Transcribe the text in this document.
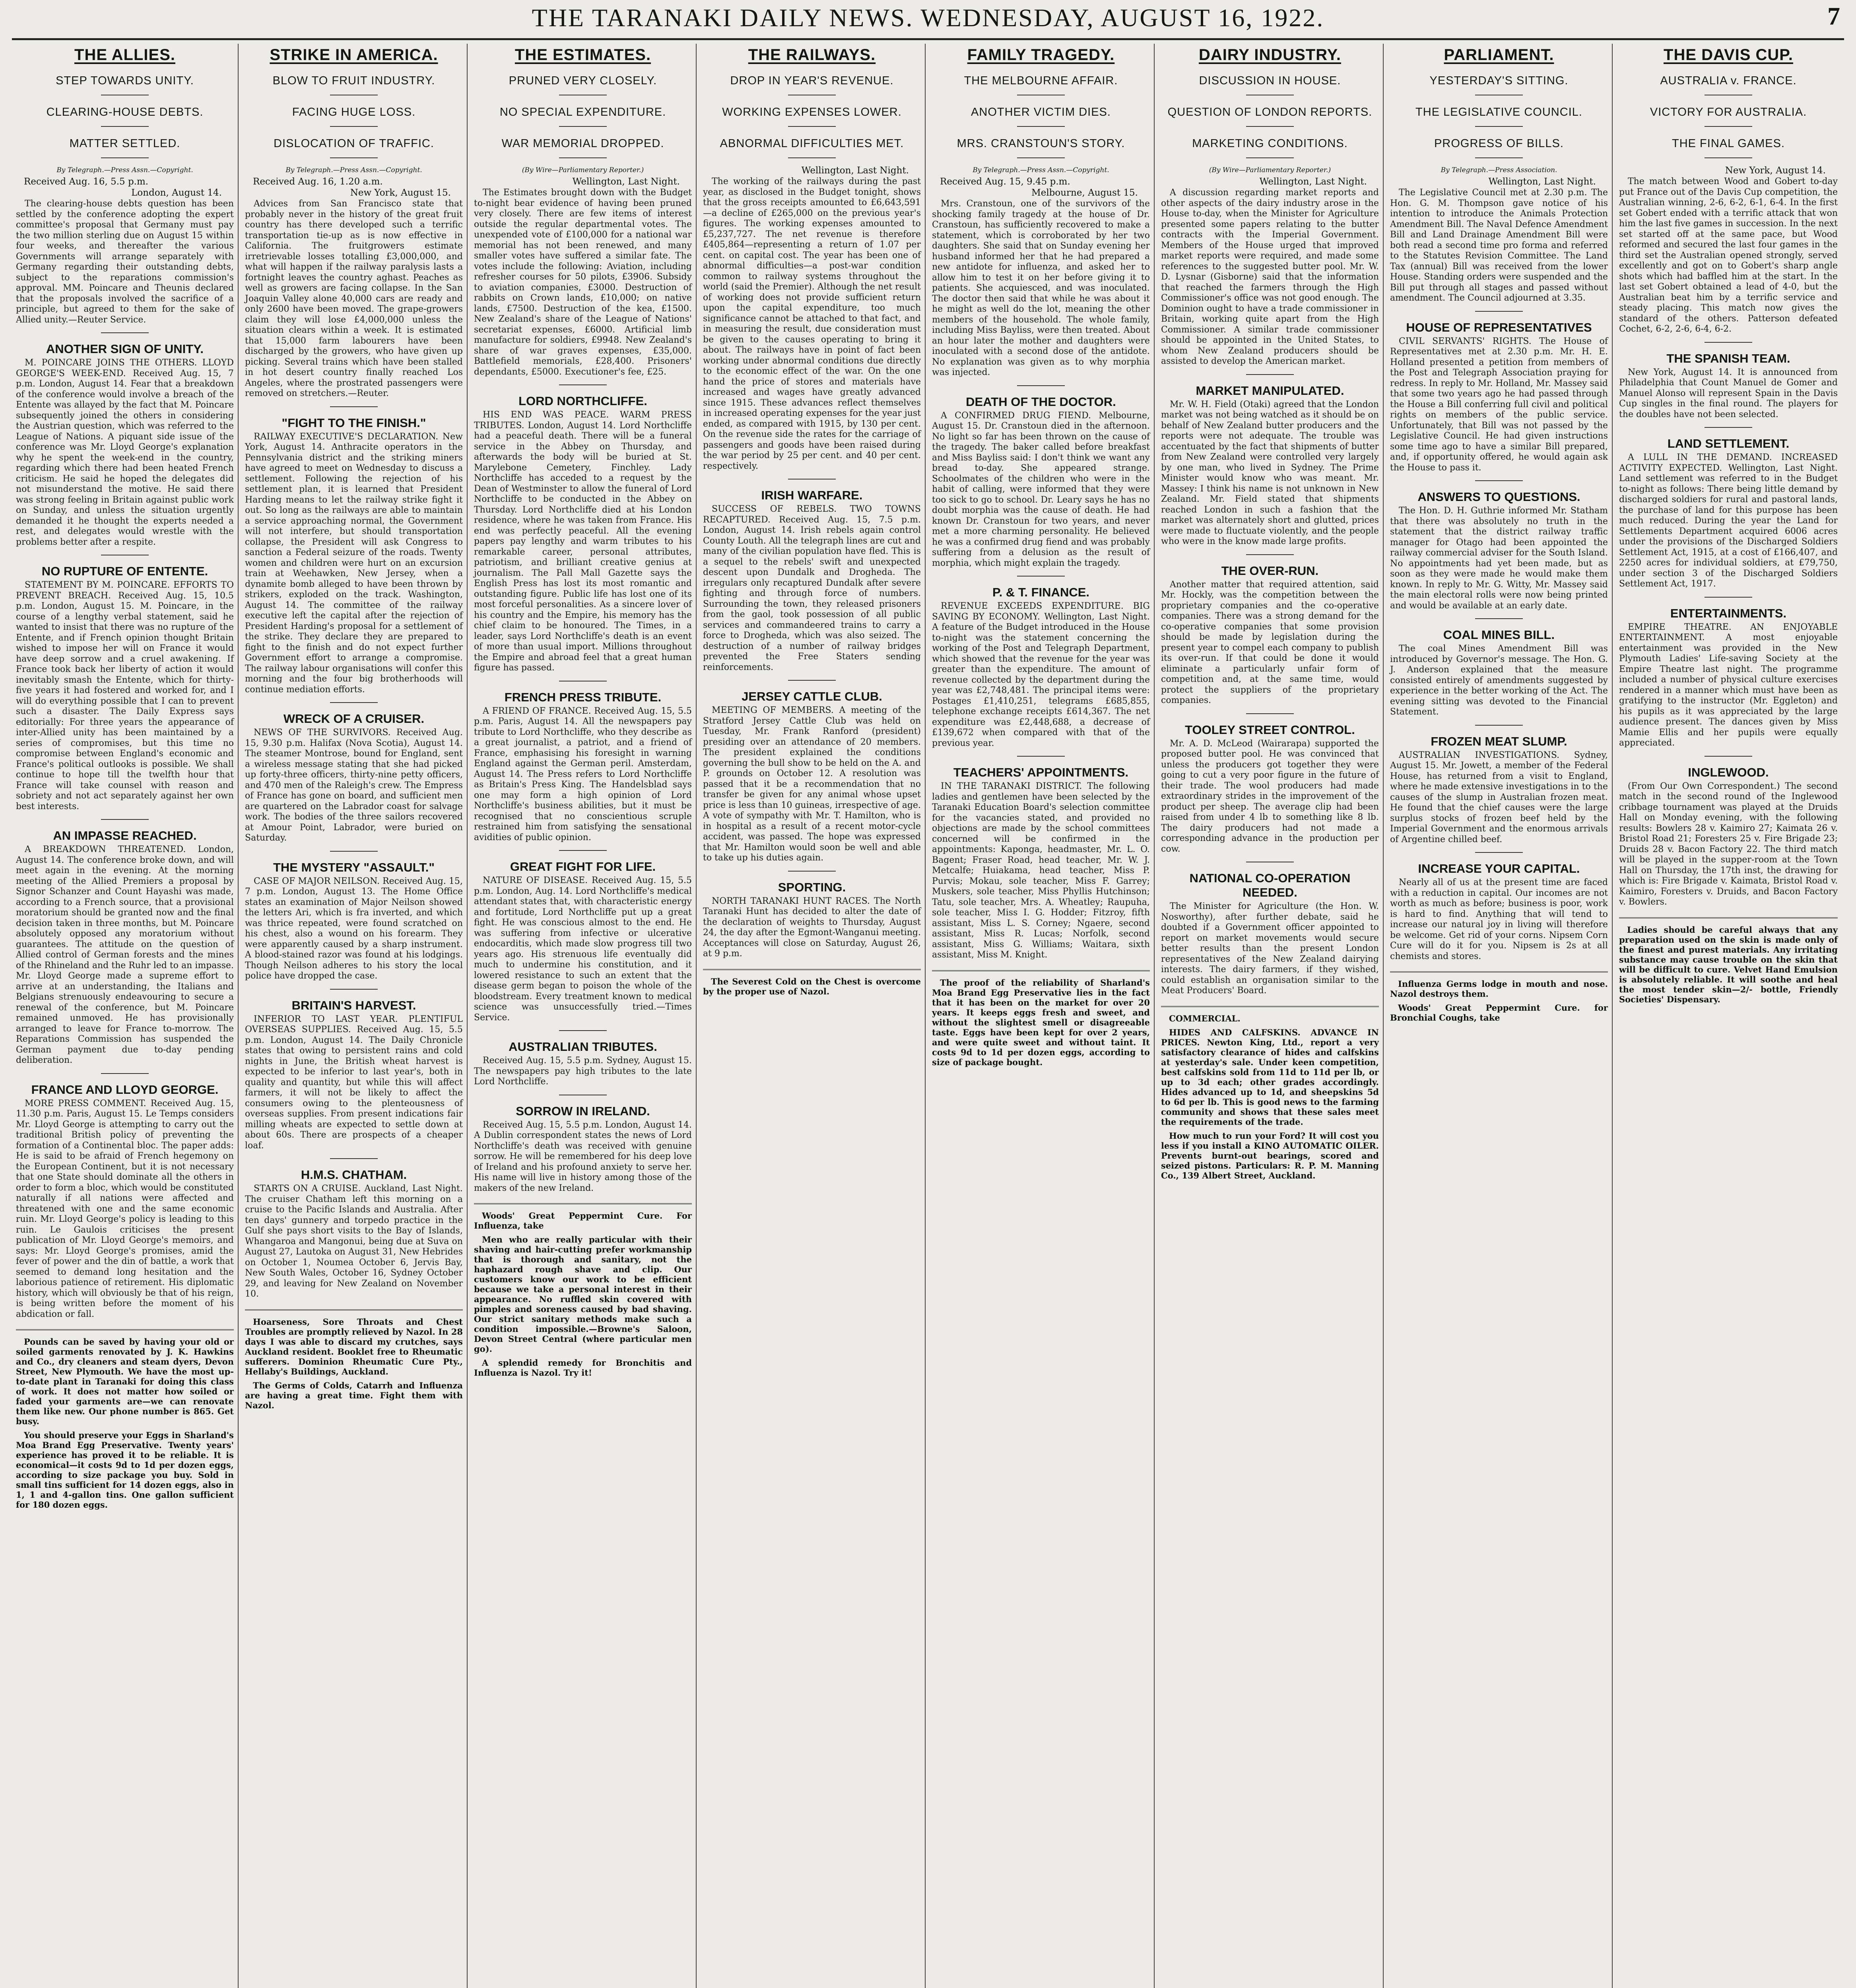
THE TARANAKI DAILY NEWS. WEDNESDAY, AUGUST 16, 1922.	7
THE ALLIES.
STEP TOWARDS UNITY.
CLEARING-HOUSE DEBTS.
MATTER SETTLED.
By Telegraph.—Press Assn.—Copyright.
Received Aug. 16, 5.5 p.m.
London, August 14.

The clearing-house debts question has been settled by the conference adopting the expert committee's proposal that Germany must pay the two million sterling due on August 15 within four weeks, and thereafter the various Governments will arrange separately with Germany regarding their outstanding debts, subject to the reparations commission's approval. MM. Poincare and Theunis declared that the proposals involved the sacrifice of a principle, but agreed to them for the sake of Allied unity.—Reuter Service.

ANOTHER SIGN OF UNITY.

M. POINCARE JOINS THE OTHERS. LLOYD GEORGE'S WEEK-END. Received Aug. 15, 7 p.m. London, August 14. Fear that a breakdown of the conference would involve a breach of the Entente was allayed by the fact that M. Poincare subsequently joined the others in considering the Austrian question, which was referred to the League of Nations. A piquant side issue of the conference was Mr. Lloyd George's explanation why he spent the week-end in the country, regarding which there had been heated French criticism. He said he hoped the delegates did not misunderstand the motive. He said there was strong feeling in Britain against public work on Sunday, and unless the situation urgently demanded it he thought the experts needed a rest, and delegates would wrestle with the problems better after a respite.

NO RUPTURE OF ENTENTE.

STATEMENT BY M. POINCARE. EFFORTS TO PREVENT BREACH. Received Aug. 15, 10.5 p.m. London, August 15. M. Poincare, in the course of a lengthy verbal statement, said he wanted to insist that there was no rupture of the Entente, and if French opinion thought Britain wished to impose her will on France it would have deep sorrow and a cruel awakening. If France took back her liberty of action it would inevitably smash the Entente, which for thirty-five years it had fostered and worked for, and I will do everything possible that I can to prevent such a disaster. The Daily Express says editorially: For three years the appearance of inter-Allied unity has been maintained by a series of compromises, but this time no compromise between England's economic and France's political outlooks is possible. We shall continue to hope till the twelfth hour that France will take counsel with reason and sobriety and not act separately against her own best interests.

AN IMPASSE REACHED.

A BREAKDOWN THREATENED. London, August 14. The conference broke down, and will meet again in the evening. At the morning meeting of the Allied Premiers a proposal by Signor Schanzer and Count Hayashi was made, according to a French source, that a provisional moratorium should be granted now and the final decision taken in three months, but M. Poincare absolutely opposed any moratorium without guarantees. The attitude on the question of Allied control of German forests and the mines of the Rhineland and the Ruhr led to an impasse. Mr. Lloyd George made a supreme effort to arrive at an understanding, the Italians and Belgians strenuously endeavouring to secure a renewal of the conference, but M. Poincare remained unmoved. He has provisionally arranged to leave for France to-morrow. The Reparations Commission has suspended the German payment due to-day pending deliberation.

FRANCE AND LLOYD GEORGE.

MORE PRESS COMMENT. Received Aug. 15, 11.30 p.m. Paris, August 15. Le Temps considers Mr. Lloyd George is attempting to carry out the traditional British policy of preventing the formation of a Continental bloc. The paper adds: He is said to be afraid of French hegemony on the European Continent, but it is not necessary that one State should dominate all the others in order to form a bloc, which would be constituted naturally if all nations were affected and threatened with one and the same economic ruin. Mr. Lloyd George's policy is leading to this ruin. Le Gaulois criticises the present publication of Mr. Lloyd George's memoirs, and says: Mr. Lloyd George's promises, amid the fever of power and the din of battle, a work that seemed to demand long hesitation and the laborious patience of retirement. His diplomatic history, which will obviously be that of his reign, is being written before the moment of his abdication or fall.

Pounds can be saved by having your old or soiled garments renovated by J. K. Hawkins and Co., dry cleaners and steam dyers, Devon Street, New Plymouth. We have the most up-to-date plant in Taranaki for doing this class of work. It does not matter how soiled or faded your garments are—we can renovate them like new. Our phone number is 865. Get busy.

You should preserve your Eggs in Sharland's Moa Brand Egg Preservative. Twenty years' experience has proved it to be reliable. It is economical—it costs 9d to 1d per dozen eggs, according to size package you buy. Sold in small tins sufficient for 14 dozen eggs, also in 1, 1 and 4-gallon tins. One gallon sufficient for 180 dozen eggs.

STRIKE IN AMERICA.
BLOW TO FRUIT INDUSTRY.
FACING HUGE LOSS.
DISLOCATION OF TRAFFIC.
By Telegraph.—Press Assn.—Copyright.
Received Aug. 16, 1.20 a.m.
New York, August 15.

Advices from San Francisco state that probably never in the history of the great fruit country has there developed such a terrific transportation tie-up as is now effective in California. The fruitgrowers estimate irretrievable losses totalling £3,000,000, and what will happen if the railway paralysis lasts a fortnight leaves the country aghast. Peaches as well as growers are facing collapse. In the San Joaquin Valley alone 40,000 cars are ready and only 2600 have been moved. The grape-growers claim they will lose £4,000,000 unless the situation clears within a week. It is estimated that 15,000 farm labourers have been discharged by the growers, who have given up picking. Several trains which have been stalled in hot desert country finally reached Los Angeles, where the prostrated passengers were removed on stretchers.—Reuter.

"FIGHT TO THE FINISH."

RAILWAY EXECUTIVE'S DECLARATION. New York, August 14. Anthracite operators in the Pennsylvania district and the striking miners have agreed to meet on Wednesday to discuss a settlement. Following the rejection of his settlement plan, it is learned that President Harding means to let the railway strike fight it out. So long as the railways are able to maintain a service approaching normal, the Government will not interfere, but should transportation collapse, the President will ask Congress to sanction a Federal seizure of the roads. Twenty women and children were hurt on an excursion train at Weehawken, New Jersey, when a dynamite bomb alleged to have been thrown by strikers, exploded on the track. Washington, August 14. The committee of the railway executive left the capital after the rejection of President Harding's proposal for a settlement of the strike. They declare they are prepared to fight to the finish and do not expect further Government effort to arrange a compromise. The railway labour organisations will confer this morning and the four big brotherhoods will continue mediation efforts.

WRECK OF A CRUISER.

NEWS OF THE SURVIVORS. Received Aug. 15, 9.30 p.m. Halifax (Nova Scotia), August 14. The steamer Montrose, bound for England, sent a wireless message stating that she had picked up forty-three officers, thirty-nine petty officers, and 470 men of the Raleigh's crew. The Empress of France has gone on board, and sufficient men are quartered on the Labrador coast for salvage work. The bodies of the three sailors recovered at Amour Point, Labrador, were buried on Saturday.

THE MYSTERY "ASSAULT."

CASE OF MAJOR NEILSON. Received Aug. 15, 7 p.m. London, August 13. The Home Office states an examination of Major Neilson showed the letters Ari, which is fra inverted, and which was thrice repeated, were found scratched on his chest, also a wound on his forearm. They were apparently caused by a sharp instrument. A blood-stained razor was found at his lodgings. Though Neilson adheres to his story the local police have dropped the case.

BRITAIN'S HARVEST.

INFERIOR TO LAST YEAR. PLENTIFUL OVERSEAS SUPPLIES. Received Aug. 15, 5.5 p.m. London, August 14. The Daily Chronicle states that owing to persistent rains and cold nights in June, the British wheat harvest is expected to be inferior to last year's, both in quality and quantity, but while this will affect farmers, it will not be likely to affect the consumers owing to the plenteousness of overseas supplies. From present indications fair milling wheats are expected to settle down at about 60s. There are prospects of a cheaper loaf.

H.M.S. CHATHAM.

STARTS ON A CRUISE. Auckland, Last Night. The cruiser Chatham left this morning on a cruise to the Pacific Islands and Australia. After ten days' gunnery and torpedo practice in the Gulf she pays short visits to the Bay of Islands, Whangaroa and Mangonui, being due at Suva on August 27, Lautoka on August 31, New Hebrides on October 1, Noumea October 6, Jervis Bay, New South Wales, October 16, Sydney October 29, and leaving for New Zealand on November 10.

Hoarseness, Sore Throats and Chest Troubles are promptly relieved by Nazol. In 28 days I was able to discard my crutches, says Auckland resident. Booklet free to Rheumatic sufferers. Dominion Rheumatic Cure Pty., Hellaby's Buildings, Auckland.

The Germs of Colds, Catarrh and Influenza are having a great time. Fight them with Nazol.

THE ESTIMATES.
PRUNED VERY CLOSELY.
NO SPECIAL EXPENDITURE.
WAR MEMORIAL DROPPED.
(By Wire—Parliamentary Reporter.)
Wellington, Last Night.

The Estimates brought down with the Budget to-night bear evidence of having been pruned very closely. There are few items of interest outside the regular departmental votes. The unexpended vote of £100,000 for a national war memorial has not been renewed, and many smaller votes have suffered a similar fate. The votes include the following: Aviation, including refresher courses for 50 pilots, £3906. Subsidy to aviation companies, £3000. Destruction of rabbits on Crown lands, £10,000; on native lands, £7500. Destruction of the kea, £1500. New Zealand's share of the League of Nations' secretariat expenses, £6000. Artificial limb manufacture for soldiers, £9948. New Zealand's share of war graves expenses, £35,000. Battlefield memorials, £28,400. Prisoners' dependants, £5000. Executioner's fee, £25.

LORD NORTHCLIFFE.

HIS END WAS PEACE. WARM PRESS TRIBUTES. London, August 14. Lord Northcliffe had a peaceful death. There will be a funeral service in the Abbey on Thursday, and afterwards the body will be buried at St. Marylebone Cemetery, Finchley. Lady Northcliffe has acceded to a request by the Dean of Westminster to allow the funeral of Lord Northcliffe to be conducted in the Abbey on Thursday. Lord Northcliffe died at his London residence, where he was taken from France. His end was perfectly peaceful. All the evening papers pay lengthy and warm tributes to his remarkable career, personal attributes, patriotism, and brilliant creative genius at journalism. The Pall Mall Gazette says the English Press has lost its most romantic and outstanding figure. Public life has lost one of its most forceful personalities. As a sincere lover of his country and the Empire, his memory has the chief claim to be honoured. The Times, in a leader, says Lord Northcliffe's death is an event of more than usual import. Millions throughout the Empire and abroad feel that a great human figure has passed.

FRENCH PRESS TRIBUTE.

A FRIEND OF FRANCE. Received Aug. 15, 5.5 p.m. Paris, August 14. All the newspapers pay tribute to Lord Northcliffe, who they describe as a great journalist, a patriot, and a friend of France, emphasising his foresight in warning England against the German peril. Amsterdam, August 14. The Press refers to Lord Northcliffe as Britain's Press King. The Handelsblad says one may form a high opinion of Lord Northcliffe's business abilities, but it must be recognised that no conscientious scruple restrained him from satisfying the sensational avidities of public opinion.

GREAT FIGHT FOR LIFE.

NATURE OF DISEASE. Received Aug. 15, 5.5 p.m. London, Aug. 14. Lord Northcliffe's medical attendant states that, with characteristic energy and fortitude, Lord Northcliffe put up a great fight. He was conscious almost to the end. He was suffering from infective or ulcerative endocarditis, which made slow progress till two years ago. His strenuous life eventually did much to undermine his constitution, and it lowered resistance to such an extent that the disease germ began to poison the whole of the bloodstream. Every treatment known to medical science was unsuccessfully tried.—Times Service.

AUSTRALIAN TRIBUTES.

Received Aug. 15, 5.5 p.m. Sydney, August 15. The newspapers pay high tributes to the late Lord Northcliffe.

SORROW IN IRELAND.

Received Aug. 15, 5.5 p.m. London, August 14. A Dublin correspondent states the news of Lord Northcliffe's death was received with genuine sorrow. He will be remembered for his deep love of Ireland and his profound anxiety to serve her. His name will live in history among those of the makers of the new Ireland.

Woods' Great Peppermint Cure. For Influenza, take

Men who are really particular with their shaving and hair-cutting prefer workmanship that is thorough and sanitary, not the haphazard rough shave and clip. Our customers know our work to be efficient because we take a personal interest in their appearance. No ruffled skin covered with pimples and soreness caused by bad shaving. Our strict sanitary methods make such a condition impossible.—Browne's Saloon, Devon Street Central (where particular men go).

A splendid remedy for Bronchitis and Influenza is Nazol. Try it!

THE RAILWAYS.
DROP IN YEAR'S REVENUE.
WORKING EXPENSES LOWER.
ABNORMAL DIFFICULTIES MET.
Wellington, Last Night.

The working of the railways during the past year, as disclosed in the Budget tonight, shows that the gross receipts amounted to £6,643,591—a decline of £265,000 on the previous year's figures. The working expenses amounted to £5,237,727. The net revenue is therefore £405,864—representing a return of 1.07 per cent. on capital cost. The year has been one of abnormal difficulties—a post-war condition common to railway systems throughout the world (said the Premier). Although the net result of working does not provide sufficient return upon the capital expenditure, too much significance cannot be attached to that fact, and in measuring the result, due consideration must be given to the causes operating to bring it about. The railways have in point of fact been working under abnormal conditions due directly to the economic effect of the war. On the one hand the price of stores and materials have increased and wages have greatly advanced since 1915. These advances reflect themselves in increased operating expenses for the year just ended, as compared with 1915, by 130 per cent. On the revenue side the rates for the carriage of passengers and goods have been raised during the war period by 25 per cent. and 40 per cent. respectively.

IRISH WARFARE.

SUCCESS OF REBELS. TWO TOWNS RECAPTURED. Received Aug. 15, 7.5 p.m. London, August 14. Irish rebels again control County Louth. All the telegraph lines are cut and many of the civilian population have fled. This is a sequel to the rebels' swift and unexpected descent upon Dundalk and Drogheda. The irregulars only recaptured Dundalk after severe fighting and through force of numbers. Surrounding the town, they released prisoners from the gaol, took possession of all public services and commandeered trains to carry a force to Drogheda, which was also seized. The destruction of a number of railway bridges prevented the Free Staters sending reinforcements.

JERSEY CATTLE CLUB.

MEETING OF MEMBERS. A meeting of the Stratford Jersey Cattle Club was held on Tuesday, Mr. Frank Ranford (president) presiding over an attendance of 20 members. The president explained the conditions governing the bull show to be held on the A. and P. grounds on October 12. A resolution was passed that it be a recommendation that no transfer be given for any animal whose upset price is less than 10 guineas, irrespective of age. A vote of sympathy with Mr. T. Hamilton, who is in hospital as a result of a recent motor-cycle accident, was passed. The hope was expressed that Mr. Hamilton would soon be well and able to take up his duties again.

SPORTING.

NORTH TARANAKI HUNT RACES. The North Taranaki Hunt has decided to alter the date of the declaration of weights to Thursday, August 24, the day after the Egmont-Wanganui meeting. Acceptances will close on Saturday, August 26, at 9 p.m.

The Severest Cold on the Chest is overcome by the proper use of Nazol.

FAMILY TRAGEDY.
THE MELBOURNE AFFAIR.
ANOTHER VICTIM DIES.
MRS. CRANSTOUN'S STORY.
By Telegraph.—Press Assn.—Copyright.
Received Aug. 15, 9.45 p.m.
Melbourne, August 15.

Mrs. Cranstoun, one of the survivors of the shocking family tragedy at the house of Dr. Cranstoun, has sufficiently recovered to make a statement, which is corroborated by her two daughters. She said that on Sunday evening her husband informed her that he had prepared a new antidote for influenza, and asked her to allow him to test it on her before giving it to patients. She acquiesced, and was inoculated. The doctor then said that while he was about it he might as well do the lot, meaning the other members of the household. The whole family, including Miss Bayliss, were then treated. About an hour later the mother and daughters were inoculated with a second dose of the antidote. No explanation was given as to why morphia was injected.

DEATH OF THE DOCTOR.

A CONFIRMED DRUG FIEND. Melbourne, August 15. Dr. Cranstoun died in the afternoon. No light so far has been thrown on the cause of the tragedy. The baker called before breakfast and Miss Bayliss said: I don't think we want any bread to-day. She appeared strange. Schoolmates of the children who were in the habit of calling, were informed that they were too sick to go to school. Dr. Leary says he has no doubt morphia was the cause of death. He had known Dr. Cranstoun for two years, and never met a more charming personality. He believed he was a confirmed drug fiend and was probably suffering from a delusion as the result of morphia, which might explain the tragedy.

P. & T. FINANCE.

REVENUE EXCEEDS EXPENDITURE. BIG SAVING BY ECONOMY. Wellington, Last Night. A feature of the Budget introduced in the House to-night was the statement concerning the working of the Post and Telegraph Department, which showed that the revenue for the year was greater than the expenditure. The amount of revenue collected by the department during the year was £2,748,481. The principal items were: Postages £1,410,251, telegrams £685,855, telephone exchange receipts £614,367. The net expenditure was £2,448,688, a decrease of £139,672 when compared with that of the previous year.

TEACHERS' APPOINTMENTS.

IN THE TARANAKI DISTRICT. The following ladies and gentlemen have been selected by the Taranaki Education Board's selection committee for the vacancies stated, and provided no objections are made by the school committees concerned will be confirmed in the appointments: Kaponga, headmaster, Mr. L. O. Bagent; Fraser Road, head teacher, Mr. W. J. Metcalfe; Huiakama, head teacher, Miss P. Purvis; Mokau, sole teacher, Miss F. Garrey; Muskers, sole teacher, Miss Phyllis Hutchinson; Tatu, sole teacher, Mrs. A. Wheatley; Raupuha, sole teacher, Miss I. G. Hodder; Fitzroy, fifth assistant, Miss L. S. Corney; Ngaere, second assistant, Miss R. Lucas; Norfolk, second assistant, Miss G. Williams; Waitara, sixth assistant, Miss M. Knight.

The proof of the reliability of Sharland's Moa Brand Egg Preservative lies in the fact that it has been on the market for over 20 years. It keeps eggs fresh and sweet, and without the slightest smell or disagreeable taste. Eggs have been kept for over 2 years, and were quite sweet and without taint. It costs 9d to 1d per dozen eggs, according to size of package bought.

DAIRY INDUSTRY.
DISCUSSION IN HOUSE.
QUESTION OF LONDON REPORTS.
MARKETING CONDITIONS.
(By Wire—Parliamentary Reporter.)
Wellington, Last Night.

A discussion regarding market reports and other aspects of the dairy industry arose in the House to-day, when the Minister for Agriculture presented some papers relating to the butter contracts with the Imperial Government. Members of the House urged that improved market reports were required, and made some references to the suggested butter pool. Mr. W. D. Lysnar (Gisborne) said that the information that reached the farmers through the High Commissioner's office was not good enough. The Dominion ought to have a trade commissioner in Britain, working quite apart from the High Commissioner. A similar trade commissioner should be appointed in the United States, to whom New Zealand producers should be assisted to develop the American market.

MARKET MANIPULATED.

Mr. W. H. Field (Otaki) agreed that the London market was not being watched as it should be on behalf of New Zealand butter producers and the reports were not adequate. The trouble was accentuated by the fact that shipments of butter from New Zealand were controlled very largely by one man, who lived in Sydney. The Prime Minister would know who was meant. Mr. Massey: I think his name is not unknown in New Zealand. Mr. Field stated that shipments reached London in such a fashion that the market was alternately short and glutted, prices were made to fluctuate violently, and the people who were in the know made large profits.

THE OVER-RUN.

Another matter that required attention, said Mr. Hockly, was the competition between the proprietary companies and the co-operative companies. There was a strong demand for the co-operative companies that some provision should be made by legislation during the present year to compel each company to publish its over-run. If that could be done it would eliminate a particularly unfair form of competition and, at the same time, would protect the suppliers of the proprietary companies.

TOOLEY STREET CONTROL.

Mr. A. D. McLeod (Wairarapa) supported the proposed butter pool. He was convinced that unless the producers got together they were going to cut a very poor figure in the future of their trade. The wool producers had made extraordinary strides in the improvement of the product per sheep. The average clip had been raised from under 4 lb to something like 8 lb. The dairy producers had not made a corresponding advance in the production per cow.

NATIONAL CO-OPERATION NEEDED.

The Minister for Agriculture (the Hon. W. Nosworthy), after further debate, said he doubted if a Government officer appointed to report on market movements would secure better results than the present London representatives of the New Zealand dairying interests. The dairy farmers, if they wished, could establish an organisation similar to the Meat Producers' Board.

COMMERCIAL.

HIDES AND CALFSKINS. ADVANCE IN PRICES. Newton King, Ltd., report a very satisfactory clearance of hides and calfskins at yesterday's sale. Under keen competition, best calfskins sold from 11d to 11d per lb, or up to 3d each; other grades accordingly. Hides advanced up to 1d, and sheepskins 5d to 6d per lb. This is good news to the farming community and shows that these sales meet the requirements of the trade.

How much to run your Ford? It will cost you less if you install a KINO AUTOMATIC OILER. Prevents burnt-out bearings, scored and seized pistons. Particulars: R. P. M. Manning Co., 139 Albert Street, Auckland.

PARLIAMENT.
YESTERDAY'S SITTING.
THE LEGISLATIVE COUNCIL.
PROGRESS OF BILLS.
By Telegraph.—Press Association.
Wellington, Last Night.

The Legislative Council met at 2.30 p.m. The Hon. G. M. Thompson gave notice of his intention to introduce the Animals Protection Amendment Bill. The Naval Defence Amendment Bill and Land Drainage Amendment Bill were both read a second time pro forma and referred to the Statutes Revision Committee. The Land Tax (annual) Bill was received from the lower House. Standing orders were suspended and the Bill put through all stages and passed without amendment. The Council adjourned at 3.35.

HOUSE OF REPRESENTATIVES

CIVIL SERVANTS' RIGHTS. The House of Representatives met at 2.30 p.m. Mr. H. E. Holland presented a petition from members of the Post and Telegraph Association praying for redress. In reply to Mr. Holland, Mr. Massey said that some two years ago he had passed through the House a Bill conferring full civil and political rights on members of the public service. Unfortunately, that Bill was not passed by the Legislative Council. He had given instructions some time ago to have a similar Bill prepared, and, if opportunity offered, he would again ask the House to pass it.

ANSWERS TO QUESTIONS.

The Hon. D. H. Guthrie informed Mr. Statham that there was absolutely no truth in the statement that the district railway traffic manager for Otago had been appointed the railway commercial adviser for the South Island. No appointments had yet been made, but as soon as they were made he would make them known. In reply to Mr. G. Witty, Mr. Massey said the main electoral rolls were now being printed and would be available at an early date.

COAL MINES BILL.

The coal Mines Amendment Bill was introduced by Governor's message. The Hon. G. J. Anderson explained that the measure consisted entirely of amendments suggested by experience in the better working of the Act. The evening sitting was devoted to the Financial Statement.

FROZEN MEAT SLUMP.

AUSTRALIAN INVESTIGATIONS. Sydney, August 15. Mr. Jowett, a member of the Federal House, has returned from a visit to England, where he made extensive investigations in to the causes of the slump in Australian frozen meat. He found that the chief causes were the large surplus stocks of frozen beef held by the Imperial Government and the enormous arrivals of Argentine chilled beef.

INCREASE YOUR CAPITAL.

Nearly all of us at the present time are faced with a reduction in capital. Our incomes are not worth as much as before; business is poor, work is hard to find. Anything that will tend to increase our natural joy in living will therefore be welcome. Get rid of your corns. Nipsem Corn Cure will do it for you. Nipsem is 2s at all chemists and stores.

Influenza Germs lodge in mouth and nose. Nazol destroys them.

Woods' Great Peppermint Cure. for Bronchial Coughs, take

THE DAVIS CUP.
AUSTRALIA v. FRANCE.
VICTORY FOR AUSTRALIA.
THE FINAL GAMES.
New York, August 14.

The match between Wood and Gobert to-day put France out of the Davis Cup competition, the Australian winning, 2-6, 6-2, 6-1, 6-4. In the first set Gobert ended with a terrific attack that won him the last five games in succession. In the next set started off at the same pace, but Wood reformed and secured the last four games in the third set the Australian opened strongly, served excellently and got on to Gobert's sharp angle shots which had baffled him at the start. In the last set Gobert obtained a lead of 4-0, but the Australian beat him by a terrific service and steady placing. This match now gives the standard of the others. Patterson defeated Cochet, 6-2, 2-6, 6-4, 6-2.

THE SPANISH TEAM.

New York, August 14. It is announced from Philadelphia that Count Manuel de Gomer and Manuel Alonso will represent Spain in the Davis Cup singles in the final round. The players for the doubles have not been selected.

LAND SETTLEMENT.

A LULL IN THE DEMAND. INCREASED ACTIVITY EXPECTED. Wellington, Last Night. Land settlement was referred to in the Budget to-night as follows: There being little demand by discharged soldiers for rural and pastoral lands, the purchase of land for this purpose has been much reduced. During the year the Land for Settlements Department acquired 6006 acres under the provisions of the Discharged Soldiers Settlement Act, 1915, at a cost of £166,407, and 2250 acres for individual soldiers, at £79,750, under section 3 of the Discharged Soldiers Settlement Act, 1917.

ENTERTAINMENTS.

EMPIRE THEATRE. AN ENJOYABLE ENTERTAINMENT. A most enjoyable entertainment was provided in the New Plymouth Ladies' Life-saving Society at the Empire Theatre last night. The programme included a number of physical culture exercises rendered in a manner which must have been as gratifying to the instructor (Mr. Eggleton) and his pupils as it was appreciated by the large audience present. The dances given by Miss Mamie Ellis and her pupils were equally appreciated.

INGLEWOOD.

(From Our Own Correspondent.) The second match in the second round of the Inglewood cribbage tournament was played at the Druids Hall on Monday evening, with the following results: Bowlers 28 v. Kaimiro 27; Kaimata 26 v. Bristol Road 21; Foresters 25 v. Fire Brigade 23; Druids 28 v. Bacon Factory 22. The third match will be played in the supper-room at the Town Hall on Thursday, the 17th inst, the drawing for which is: Fire Brigade v. Kaimata, Bristol Road v. Kaimiro, Foresters v. Druids, and Bacon Factory v. Bowlers.

Ladies should be careful always that any preparation used on the skin is made only of the finest and purest materials. Any irritating substance may cause trouble on the skin that will be difficult to cure. Velvet Hand Emulsion is absolutely reliable. It will soothe and heal the most tender skin—2/- bottle, Friendly Societies' Dispensary.
